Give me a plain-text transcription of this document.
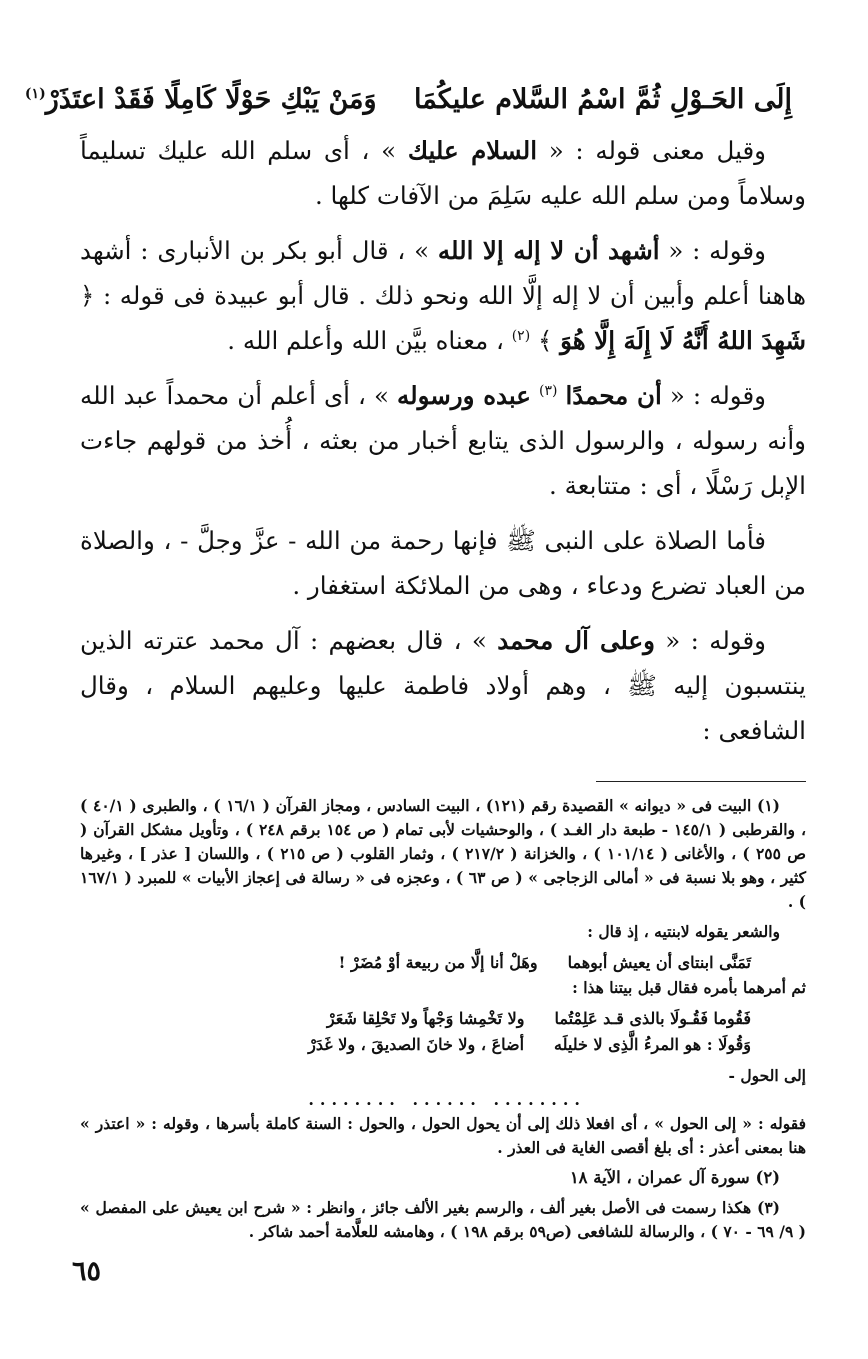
إِلَى الحَـوْلِ ثُمَّ اسْمُ السَّلام عليكُمَا وَمَنْ يَبْكِ حَوْلًا كَامِلًا فَقَدْ اعتَذَرْ$^{(١)}$

وقيل معنى قوله : « السلام عليك » ، أى سلم الله عليك تسليماً وسلاماً ومن سلم الله عليه سَلِمَ من الآفات كلها .

وقوله : « أشهد أن لا إله إلا الله » ، قال أبو بكر بن الأنبارى : أشهد هاهنا أعلم وأبين أن لا إله إلَّا الله ونحو ذلك . قال أبو عبيدة فى قوله : ﴿ شَهِدَ اللهُ أَنَّهُ لَا إِلَهَ إِلَّا هُوَ ﴾ $^{(٢)}$ ، معناه بيَّن الله وأعلم الله .

وقوله : « أن محمدًا $^{(٣)}$ عبده ورسوله » ، أى أعلم أن محمداً عبد الله وأنه رسوله ، والرسول الذى يتابع أخبار من بعثه ، أُخذ من قولهم جاءت الإبل رَسْلًا ، أى : متتابعة .

فأما الصلاة على النبى ﷺ فإنها رحمة من الله - عزَّ وجلَّ - ، والصلاة من العباد تضرع ودعاء ، وهى من الملائكة استغفار .

وقوله : « وعلى آل محمد » ، قال بعضهم : آل محمد عترته الذين ينتسبون إليه ﷺ ، وهم أولاد فاطمة عليها وعليهم السلام ، وقال الشافعى :

(١) البيت فى « ديوانه » القصيدة رقم (١٢١) ، البيت السادس ، ومجاز القرآن ( ١٦/١ ) ، والطبرى ( ٤٠/١ ) ، والقرطبى ( ١٤٥/١ - طبعة دار الغـد ) ، والوحشيات لأبى تمام ( ص ١٥٤ برقم ٢٤٨ ) ، وتأويل مشكل القرآن ( ص ٢٥٥ ) ، والأغانى ( ١٠١/١٤ ) ، والخزانة ( ٢١٧/٢ ) ، وثمار القلوب ( ص ٢١٥ ) ، واللسان [ عذر ] ، وغيرها كثير ، وهو بلا نسبة فى « أمالى الزجاجى » ( ص ٦٣ ) ، وعجزه فى « رسالة فى إعجاز الأبيات » للمبرد ( ١٦٧/١ ) .

والشعر يقوله لابنتيه ، إذ قال :

تَمَنَّى ابنتاى أن يعيش أبوهما
وهَلْ أنا إلَّا من ربيعة أوْ مُضَرْ !

ثم أمرهما بأمره فقال قبل بيتنا هذا :

فَقُوما فَقُـولَا بالذى قـد عَلِمْتُما
ولا تَخْمِشا وَجْهاً ولا تَحْلِقا شَعَرْ
وَقُولَا : هو المرءُ الَّذِى لا خليلَه
أضاعَ ، ولا خانَ الصديقَ ، ولا غَدَرْ
إلى الحول -
........ ...... ........

فقوله : « إلى الحول » ، أى افعلا ذلك إلى أن يحول الحول ، والحول : السنة كاملة بأسرها ، وقوله : « اعتذر » هنا بمعنى أعذر : أى بلغ أقصى الغاية فى العذر .

(٢) سورة آل عمران ، الآية ١٨

(٣) هكذا رسمت فى الأصل بغير ألف ، والرسم بغير الألف جائز ، وانظر : « شرح ابن يعيش على المفصل » ( ٩/ ٦٩ - ٧٠ ) ، والرسالة للشافعى (ص٥٩ برقم ١٩٨ ) ، وهامشه للعلَّامة أحمد شاكر .

٦٥
